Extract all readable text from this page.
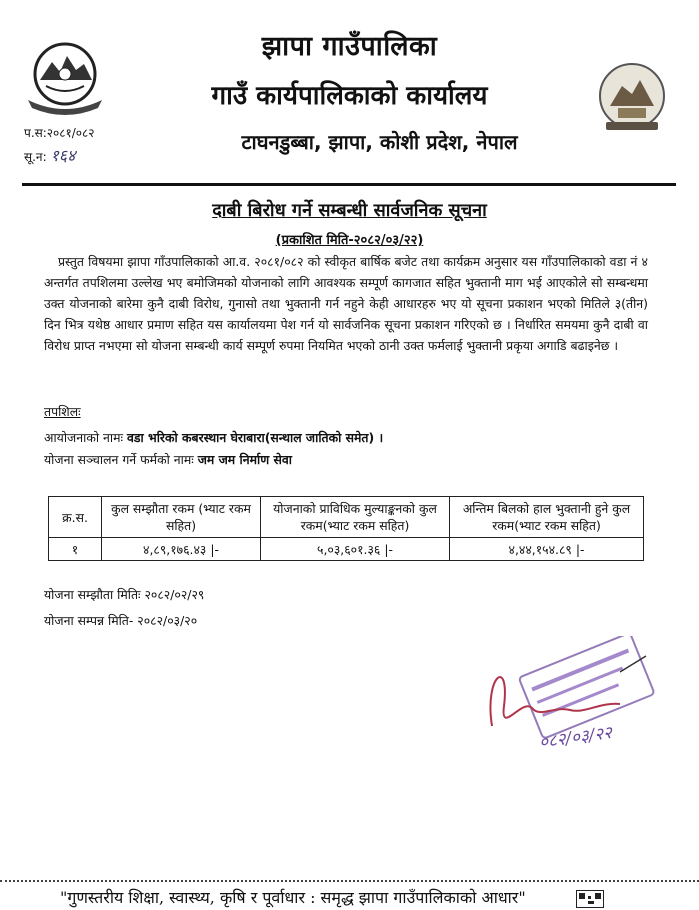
झापा गाउँपालिका
गाउँ कार्यपालिकाको कार्यालय
टाघनडुब्बा, झापा, कोशी प्रदेश, नेपाल
प.स:२०८१/०८२
सू.न: १६४
दाबी बिरोध गर्ने सम्बन्धी सार्वजनिक सूचना
(प्रकाशित मिति-२०८२/०३/२२)
प्रस्तुत विषयमा झापा गाँउपालिकाको आ.व. २०८१/०८२ को स्वीकृत बार्षिक बजेट तथा कार्यक्रम अनुसार यस गाँउपालिकाको वडा नं ४ अन्तर्गत तपशिलमा उल्लेख भए बमोजिमको योजनाको लागि आवश्यक सम्पूर्ण कागजात सहित भुक्तानी माग भई आएकोले सो सम्बन्धमा उक्त योजनाको बारेमा कुनै दाबी विरोध, गुनासो तथा भुक्तानी गर्न नहुने केही आधारहरु भए यो सूचना प्रकाशन भएको मितिले ३(तीन) दिन भित्र यथेष्ठ आधार प्रमाण सहित यस कार्यालयमा पेश गर्न यो सार्वजनिक सूचना प्रकाशन गरिएको छ । निर्धारित समयमा कुनै दाबी वा विरोध प्राप्त नभएमा सो योजना सम्बन्धी कार्य सम्पूर्ण रुपमा नियमित भएको ठानी उक्त फर्मलाई भुक्तानी प्रकृया अगाडि बढाइनेछ ।
तपशिलः
आयोजनाको नामः वडा भरिको कबरस्थान घेराबारा(सन्थाल जातिको समेत) ।
योजना सञ्चालन गर्ने फर्मको नामः जम जम निर्माण सेवा
क्र.स.	कुल सम्झौता रकम (भ्याट रकम सहित)	योजनाको प्राविधिक मुल्याङ्कनको कुल रकम(भ्याट रकम सहित)	अन्तिम बिलको हाल भुक्तानी हुने कुल रकम(भ्याट रकम सहित)
१	४,८९,१७६.४३ |-	५,०३,६०१.३६ |-	४,४४,१५४.८९ |-
योजना सम्झौता मितिः २०८२/०२/२९
योजना सम्पन्न मिति- २०८२/०३/२०
०८२/०३/२२
"गुणस्तरीय शिक्षा, स्वास्थ्य, कृषि र पूर्वाधार : समृद्ध झापा गाउँपालिकाको आधार"
